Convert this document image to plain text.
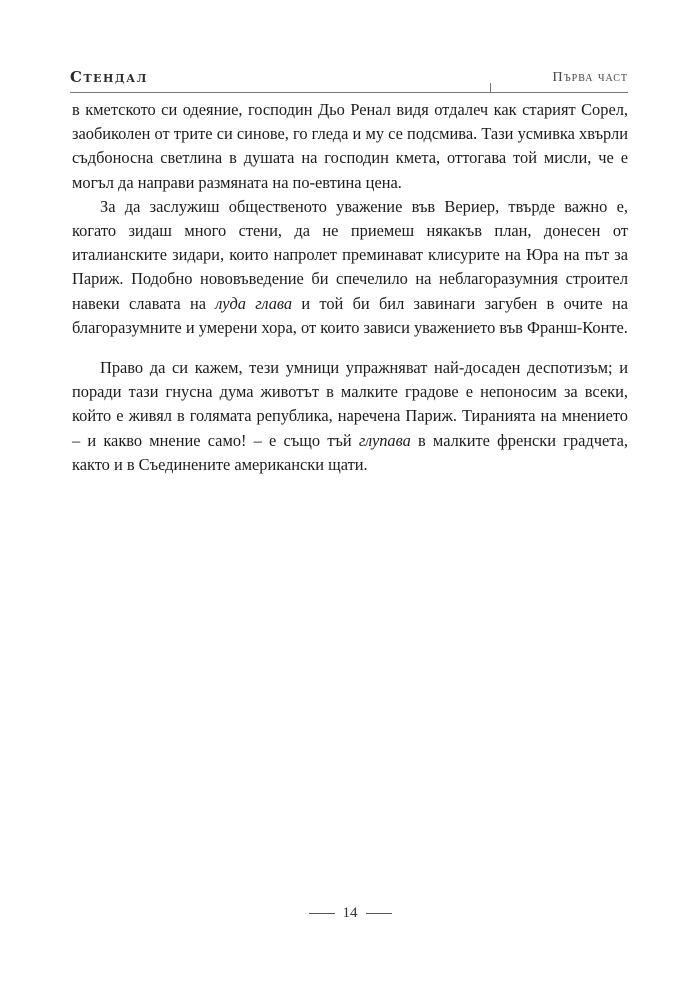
Стендал	Първа част

в кметското си одеяние, господин Дьо Ренал видя отдалеч как старият Сорел, заобиколен от трите си синове, го гледа и му се подсмива. Тази усмивка хвърли съдбоносна светлина в душата на господин кмета, оттогава той мисли, че е могъл да направи размяната на по-евтина цена.

За да заслужиш общественото уважение във Вериер, твърде важно е, когато зидаш много стени, да не приемеш някакъв план, донесен от италианските зидари, които напролет преминават клисурите на Юра на път за Париж. Подобно нововъведение би спечелило на неблагоразумния строител навеки славата на луда глава и той би бил завинаги загубен в очите на благоразумните и умерени хора, от които зависи уважението във Франш-Конте.

Право да си кажем, тези умници упражняват най-досаден деспотизъм; и поради тази гнусна дума животът в малките градове е непоносим за всеки, който е живял в голямата република, наречена Париж. Тиранията на мнението – и какво мнение само! – е също тъй глупава в малките френски градчета, както и в Съединените американски щати.

14
